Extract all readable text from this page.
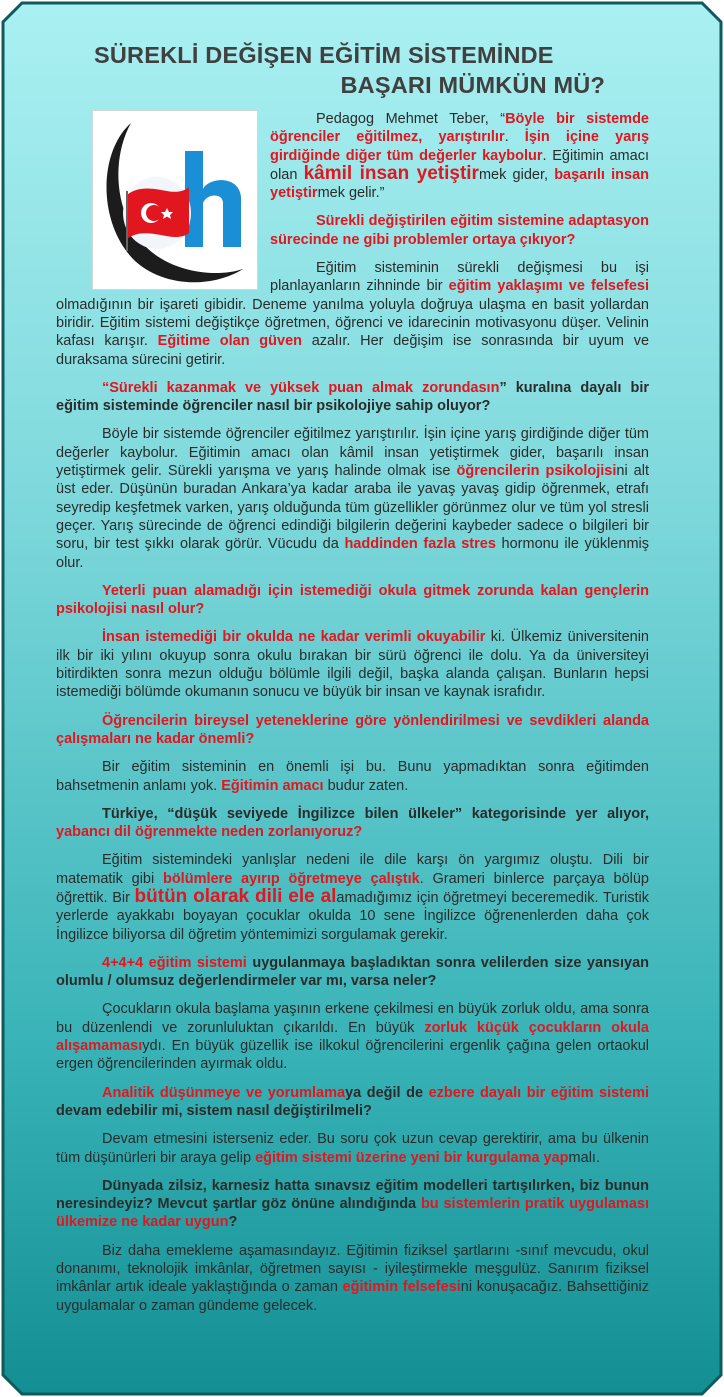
SÜREKLİ DEĞİŞEN EĞİTİM SİSTEMİNDE
BAŞARI MÜMKÜN MÜ?

Pedagog Mehmet Teber, “Böyle bir sistemde öğrenciler eğitilmez, yarıştırılır. İşin içine yarış girdiğinde diğer tüm değerler kaybolur. Eğitimin amacı olan kâmil insan yetiştirmek gider, başarılı insan yetiştirmek gelir.”

Sürekli değiştirilen eğitim sistemine adaptasyon sürecinde ne gibi problemler ortaya çıkıyor?

Eğitim sisteminin sürekli değişmesi bu işi planlayanların zihninde bir eğitim yaklaşımı ve felsefesi olmadığının bir işareti gibidir. Deneme yanılma yoluyla doğruya ulaşma en basit yollardan biridir. Eğitim sistemi değiştikçe öğretmen, öğrenci ve idarecinin motivasyonu düşer. Velinin kafası karışır. Eğitime olan güven azalır. Her değişim ise sonrasında bir uyum ve duraksama sürecini getirir.

“Sürekli kazanmak ve yüksek puan almak zorundasın” kuralına dayalı bir eğitim sisteminde öğrenciler nasıl bir psikolojiye sahip oluyor?

Böyle bir sistemde öğrenciler eğitilmez yarıştırılır. İşin içine yarış girdiğinde diğer tüm değerler kaybolur. Eğitimin amacı olan kâmil insan yetiştirmek gider, başarılı insan yetiştirmek gelir. Sürekli yarışma ve yarış halinde olmak ise öğrencilerin psikolojisini alt üst eder. Düşünün buradan Ankara’ya kadar araba ile yavaş yavaş gidip öğrenmek, etrafı seyredip keşfetmek varken, yarış olduğunda tüm güzellikler görünmez olur ve tüm yol stresli geçer. Yarış sürecinde de öğrenci edindiği bilgilerin değerini kaybeder sadece o bilgileri bir soru, bir test şıkkı olarak görür. Vücudu da haddinden fazla stres hormonu ile yüklenmiş olur.

Yeterli puan alamadığı için istemediği okula gitmek zorunda kalan gençlerin psikolojisi nasıl olur?

İnsan istemediği bir okulda ne kadar verimli okuyabilir ki. Ülkemiz üniversitenin ilk bir iki yılını okuyup sonra okulu bırakan bir sürü öğrenci ile dolu. Ya da üniversiteyi bitirdikten sonra mezun olduğu bölümle ilgili değil, başka alanda çalışan. Bunların hepsi istemediği bölümde okumanın sonucu ve büyük bir insan ve kaynak israfıdır.

Öğrencilerin bireysel yeteneklerine göre yönlendirilmesi ve sevdikleri alanda çalışmaları ne kadar önemli?

Bir eğitim sisteminin en önemli işi bu. Bunu yapmadıktan sonra eğitimden bahsetmenin anlamı yok. Eğitimin amacı budur zaten.

Türkiye, “düşük seviyede İngilizce bilen ülkeler” kategorisinde yer alıyor, yabancı dil öğrenmekte neden zorlanıyoruz?

Eğitim sistemindeki yanlışlar nedeni ile dile karşı ön yargımız oluştu. Dili bir matematik gibi bölümlere ayırıp öğretmeye çalıştık. Grameri binlerce parçaya bölüp öğrettik. Bir bütün olarak dili ele alamadığımız için öğretmeyi beceremedik. Turistik yerlerde ayakkabı boyayan çocuklar okulda 10 sene İngilizce öğrenenlerden daha çok İngilizce biliyorsa dil öğretim yöntemimizi sorgulamak gerekir.

4+4+4 eğitim sistemi uygulanmaya başladıktan sonra velilerden size yansıyan olumlu / olumsuz değerlendirmeler var mı, varsa neler?

Çocukların okula başlama yaşının erkene çekilmesi en büyük zorluk oldu, ama sonra bu düzenlendi ve zorunluluktan çıkarıldı. En büyük zorluk küçük çocukların okula alışamamasıydı. En büyük güzellik ise ilkokul öğrencilerini ergenlik çağına gelen ortaokul ergen öğrencilerinden ayırmak oldu.

Analitik düşünmeye ve yorumlamaya değil de ezbere dayalı bir eğitim sistemi devam edebilir mi, sistem nasıl değiştirilmeli?

Devam etmesini isterseniz eder. Bu soru çok uzun cevap gerektirir, ama bu ülkenin tüm düşünürleri bir araya gelip eğitim sistemi üzerine yeni bir kurgulama yapmalı.

Dünyada zilsiz, karnesiz hatta sınavsız eğitim modelleri tartışılırken, biz bunun neresindeyiz? Mevcut şartlar göz önüne alındığında bu sistemlerin pratik uygulaması ülkemize ne kadar uygun?

Biz daha emekleme aşamasındayız. Eğitimin fiziksel şartlarını -sınıf mevcudu, okul donanımı, teknolojik imkânlar, öğretmen sayısı - iyileştirmekle meşgulüz. Sanırım fiziksel imkânlar artık ideale yaklaştığında o zaman eğitimin felsefesini konuşacağız. Bahsettiğiniz uygulamalar o zaman gündeme gelecek.
